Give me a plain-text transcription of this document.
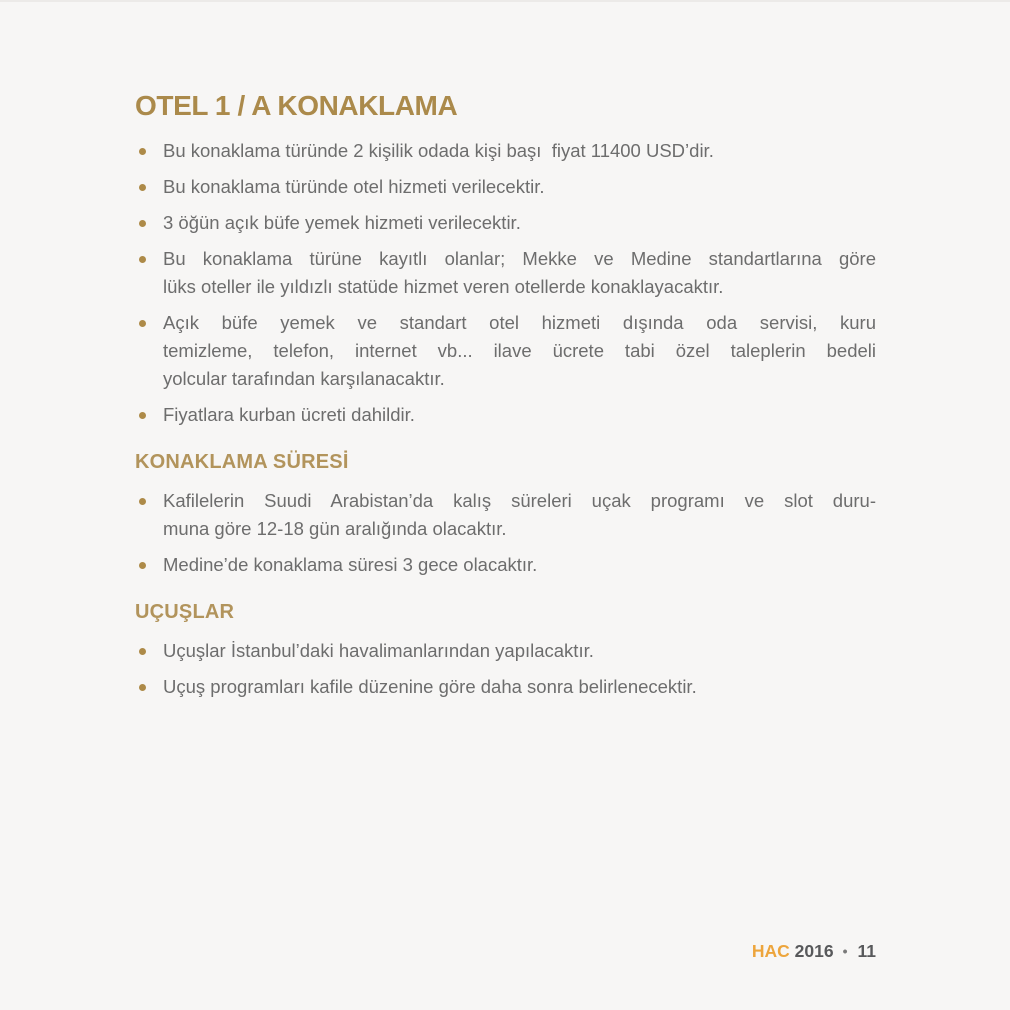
OTEL 1 / A KONAKLAMA
Bu konaklama türünde 2 kişilik odada kişi başı  fiyat 11400 USD’dir.
Bu konaklama türünde otel hizmeti verilecektir.
3 öğün açık büfe yemek hizmeti verilecektir.
Bu konaklama türüne kayıtlı olanlar; Mekke ve Medine standartlarına göre
lüks oteller ile yıldızlı statüde hizmet veren otellerde konaklayacaktır.
Açık büfe yemek ve standart otel hizmeti dışında oda servisi, kuru
temizleme, telefon, internet vb... ilave ücrete tabi özel taleplerin bedeli
yolcular tarafından karşılanacaktır.
Fiyatlara kurban ücreti dahildir.
KONAKLAMA SÜRESİ
Kafilelerin Suudi Arabistan’da kalış süreleri uçak programı ve slot duru-
muna göre 12-18 gün aralığında olacaktır.
Medine’de konaklama süresi 3 gece olacaktır.
UÇUŞLAR
Uçuşlar İstanbul’daki havalimanlarından yapılacaktır.
Uçuş programları kafile düzenine göre daha sonra belirlenecektir.
HAC 2016 • 11
